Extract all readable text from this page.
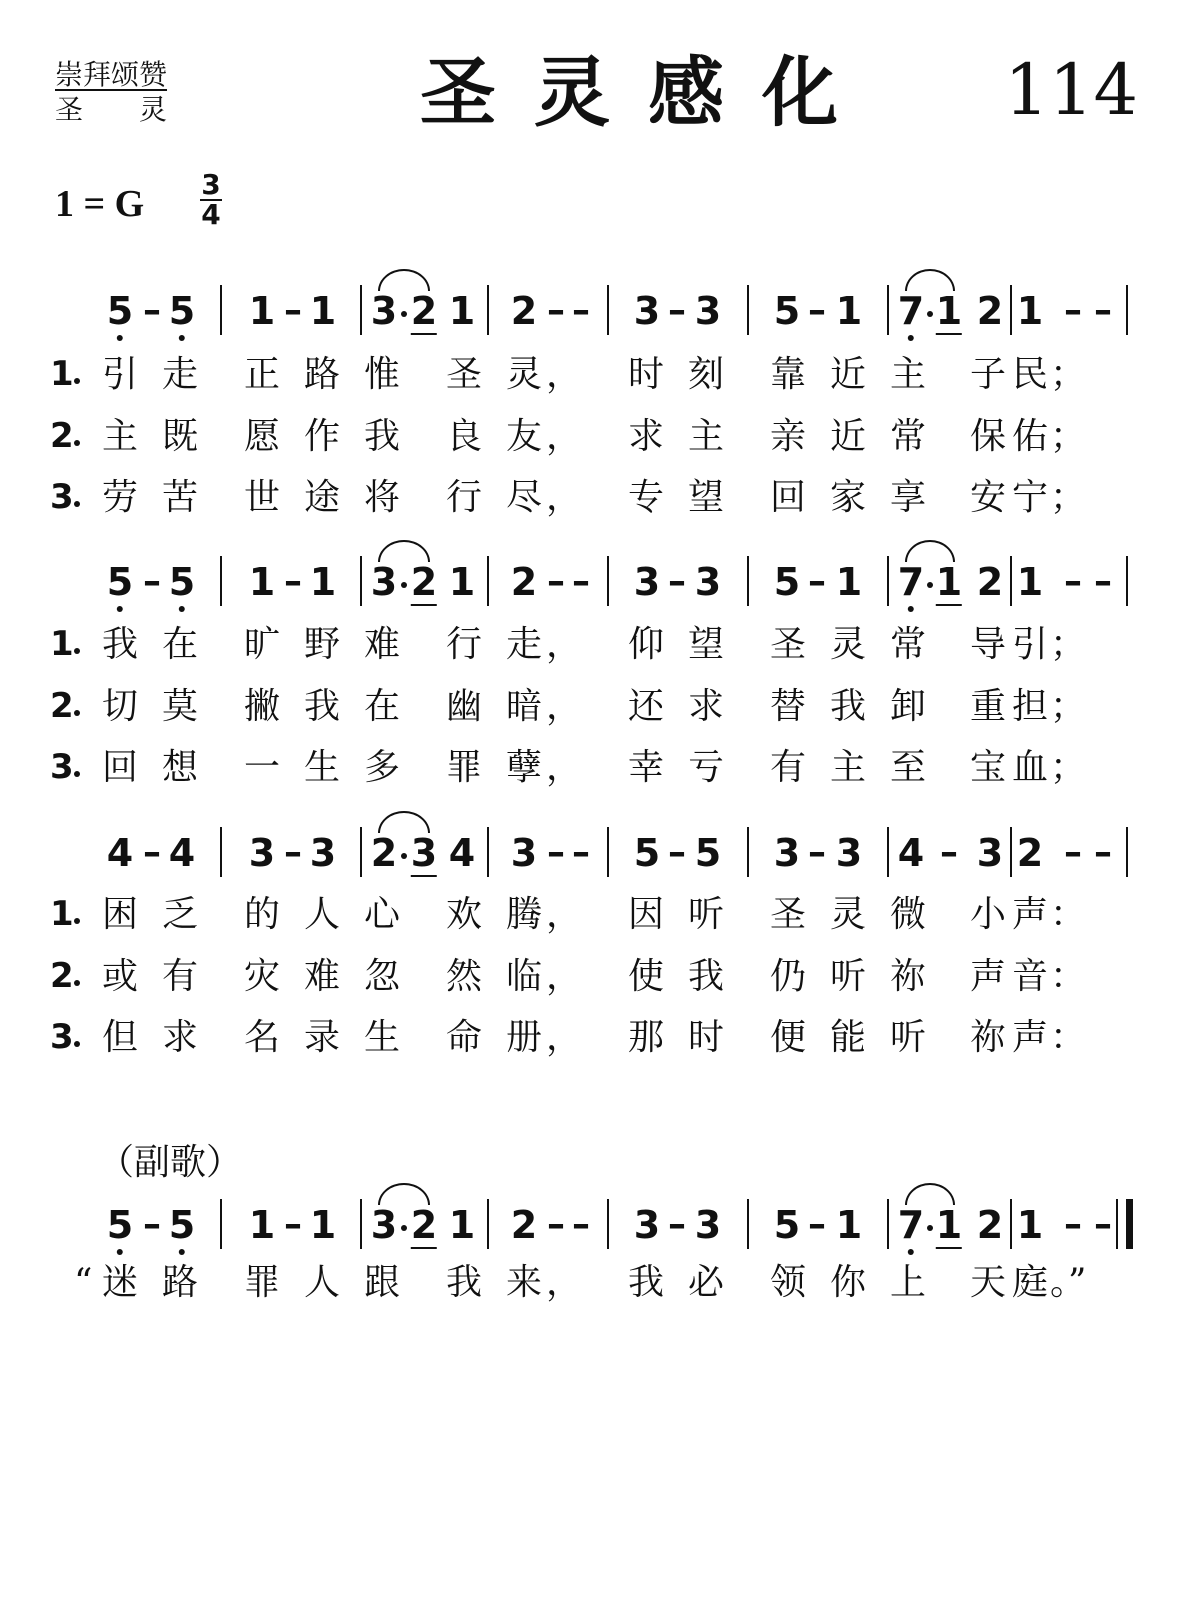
崇拜颂赞
圣灵	圣灵感化 114
1 = G 3
4
5 – 5 1 – 1 3 2 1 2 – – 3 – 3 5 – 1 7 1 2 1 – –
5 – 5 1 – 1 3 2 1 2 – – 3 – 3 5 – 1 7 1 2 1 – –
4 – 4 3 – 3 2 3 4 3 – – 5 – 5 3 – 3 4 – 3 2 – –
5 – 5 1 – 1 3 2 1 2 – – 3 – 3 5 – 1 7 1 2 1 – –
1 引 走 正 路 惟 圣 灵 时 刻 靠 近 主 子 民
，	；
2 主 既 愿 作 我 良 友 求 主 亲 近 常 保 佑
，	；
3 劳 苦 世 途 将 行 尽 专 望 回 家 享 安 宁
，	；
1 我 在 旷 野 难 行 走 仰 望 圣 灵 常 导 引
，	；
2 切 莫 撇 我 在 幽 暗 还 求 替 我 卸 重 担
，	；
3 回 想 一 生 多 罪 孽 幸 亏 有 主 至 宝 血
，	；
1 困 乏 的 人 心 欢 腾 因 听 圣 灵 微 小 声
，	：
2 或 有 灾 难 忽 然 临 使 我 仍 听 祢 声 音
，	：
3 但 求 名 录 生 命 册 那 时 便 能 听 祢 声
，	：
“ 迷 路 罪 人 跟 我 来 我 必 领 你 上 天 庭
，	。”
（副歌）
